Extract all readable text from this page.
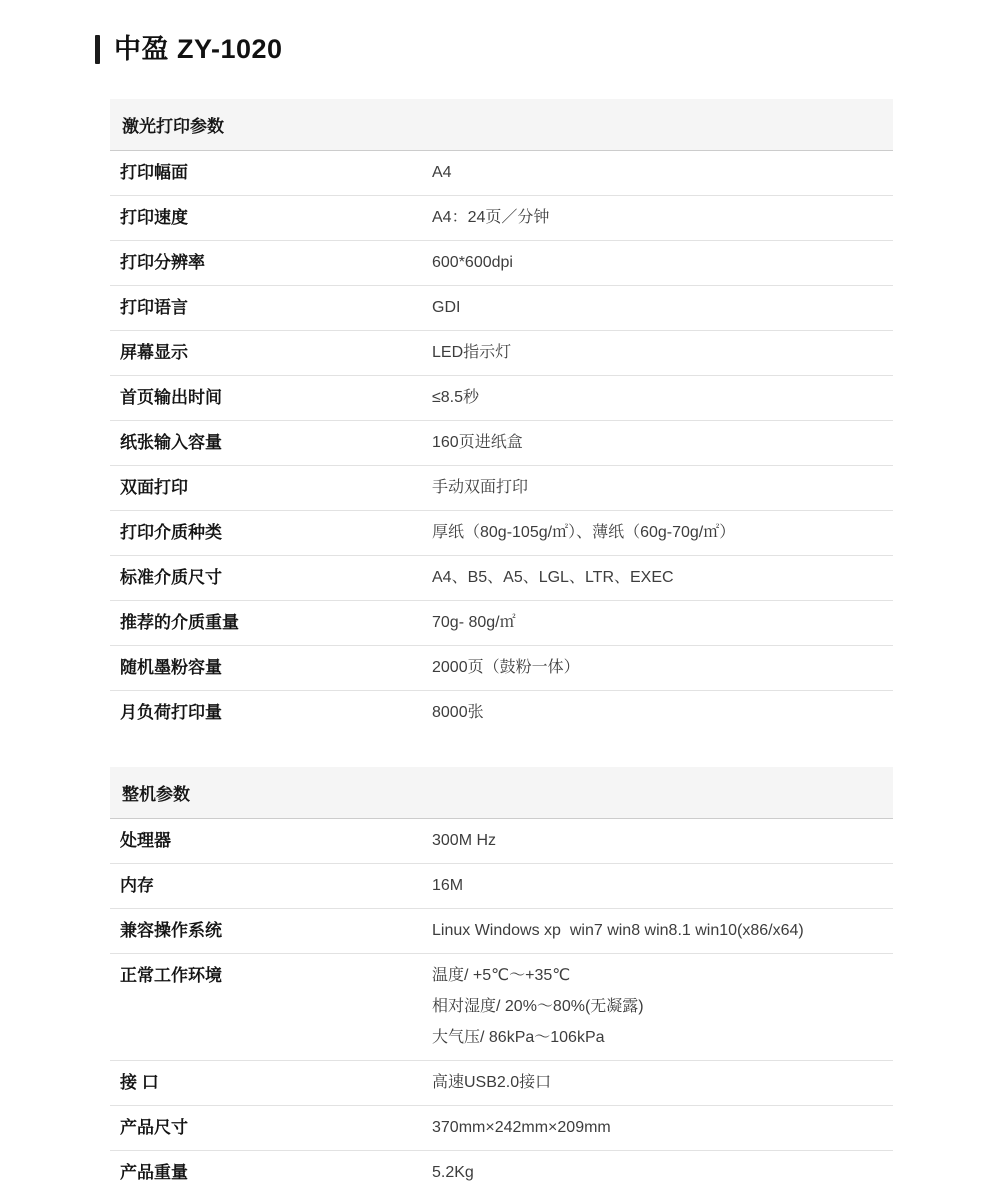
中盈 ZY-1020
激光打印参数
打印幅面	A4
打印速度	A4：24页／分钟
打印分辨率	600*600dpi
打印语言	GDI
屏幕显示	LED指示灯
首页输出时间	≤8.5秒
纸张输入容量	160页进纸盒
双面打印	手动双面打印
打印介质种类	厚纸（80g-105g/㎡）、薄纸（60g-70g/㎡）
标准介质尺寸	A4、B5、A5、LGL、LTR、EXEC
推荐的介质重量	70g- 80g/㎡
随机墨粉容量	2000页（鼓粉一体）
月负荷打印量	8000张
整机参数
处理器	300M Hz
内存	16M
兼容操作系统	Linux Windows xp  win7 win8 win8.1 win10(x86/x64)
正常工作环境	温度/ +5℃～+35℃
相对湿度/ 20%～80%(无凝露)
大气压/ 86kPa～106kPa
接 口	高速USB2.0接口
产品尺寸	370mm×242mm×209mm
产品重量	5.2Kg
